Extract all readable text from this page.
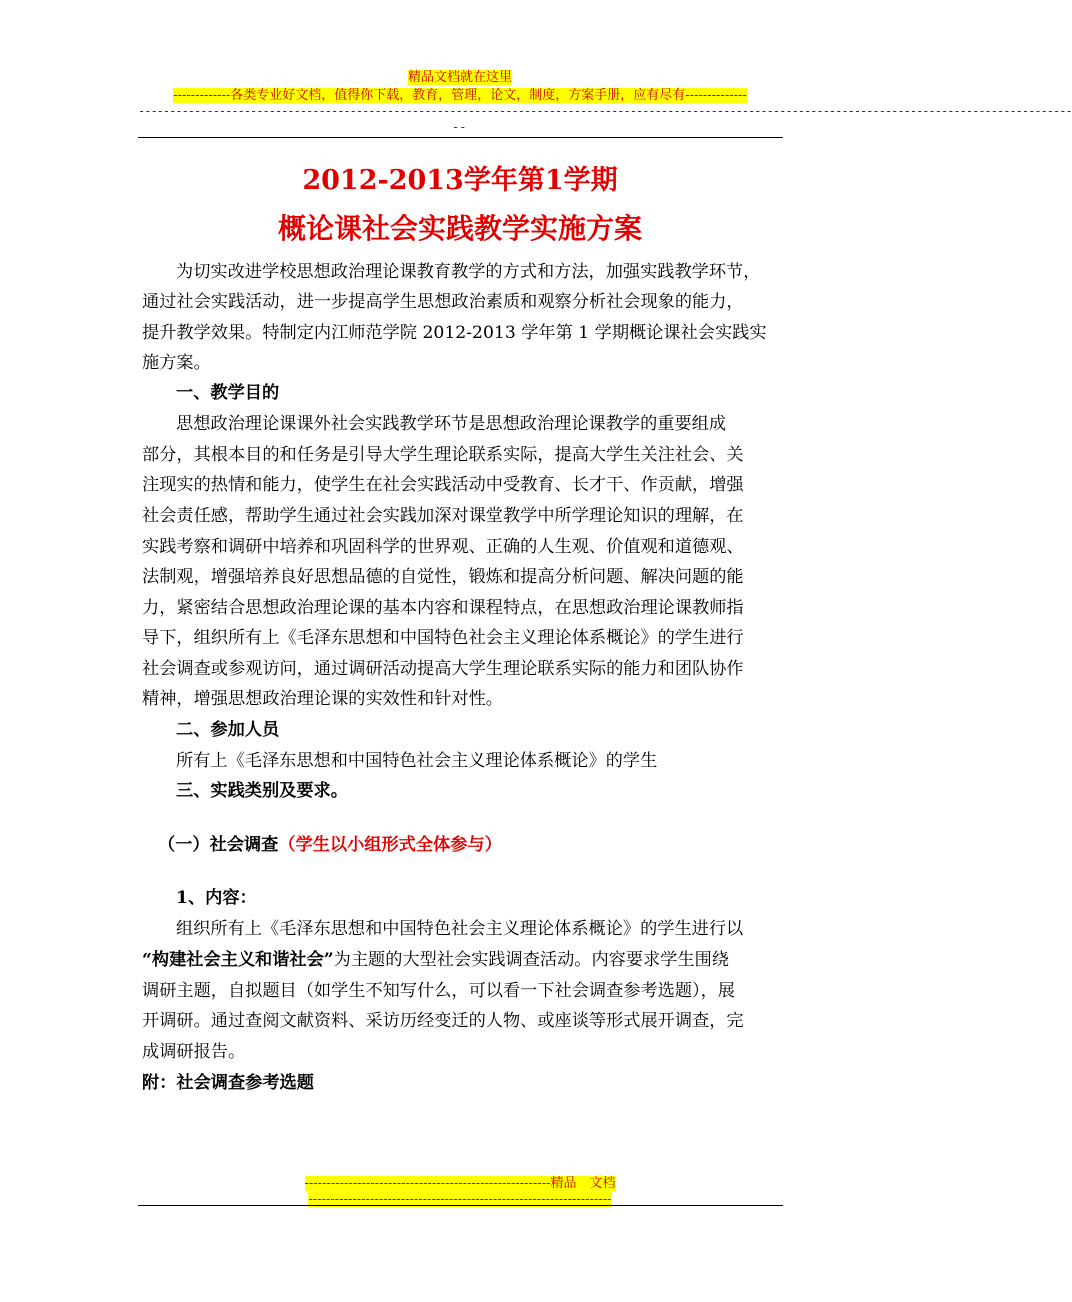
精品文档就在这里
-------------各类专业好文档，值得你下载，教育，管理，论文，制度，方案手册，应有尽有--------------
------------------------------------------------------------------------------------------------------------------------------------------------------
--
2012-2013学年第1学期
概论课社会实践教学实施方案
为切实改进学校思想政治理论课教育教学的方式和方法，加强实践教学环节，
通过社会实践活动，进一步提高学生思想政治素质和观察分析社会现象的能力，
提升教学效果。特制定内江师范学院 2012-2013 学年第 1 学期概论课社会实践实
施方案。
一、教学目的
思想政治理论课课外社会实践教学环节是思想政治理论课教学的重要组成
部分，其根本目的和任务是引导大学生理论联系实际，提高大学生关注社会、关
注现实的热情和能力，使学生在社会实践活动中受教育、长才干、作贡献，增强
社会责任感，帮助学生通过社会实践加深对课堂教学中所学理论知识的理解，在
实践考察和调研中培养和巩固科学的世界观、正确的人生观、价值观和道德观、
法制观，增强培养良好思想品德的自觉性，锻炼和提高分析问题、解决问题的能
力，紧密结合思想政治理论课的基本内容和课程特点，在思想政治理论课教师指
导下，组织所有上《毛泽东思想和中国特色社会主义理论体系概论》的学生进行
社会调查或参观访问，通过调研活动提高大学生理论联系实际的能力和团队协作
精神，增强思想政治理论课的实效性和针对性。
二、参加人员
所有上《毛泽东思想和中国特色社会主义理论体系概论》的学生
三、实践类别及要求。
（一）社会调查（学生以小组形式全体参与）
1、内容：
组织所有上《毛泽东思想和中国特色社会主义理论体系概论》的学生进行以
“构建社会主义和谐社会”为主题的大型社会实践调查活动。内容要求学生围绕
调研主题，自拟题目（如学生不知写什么，可以看一下社会调查参考选题），展
开调研。通过查阅文献资料、采访历经变迁的人物、或座谈等形式展开调查，完
成调研报告。
附：社会调查参考选题
--------------------------------------------------------精品　文档
---------------------------------------------------------------------
